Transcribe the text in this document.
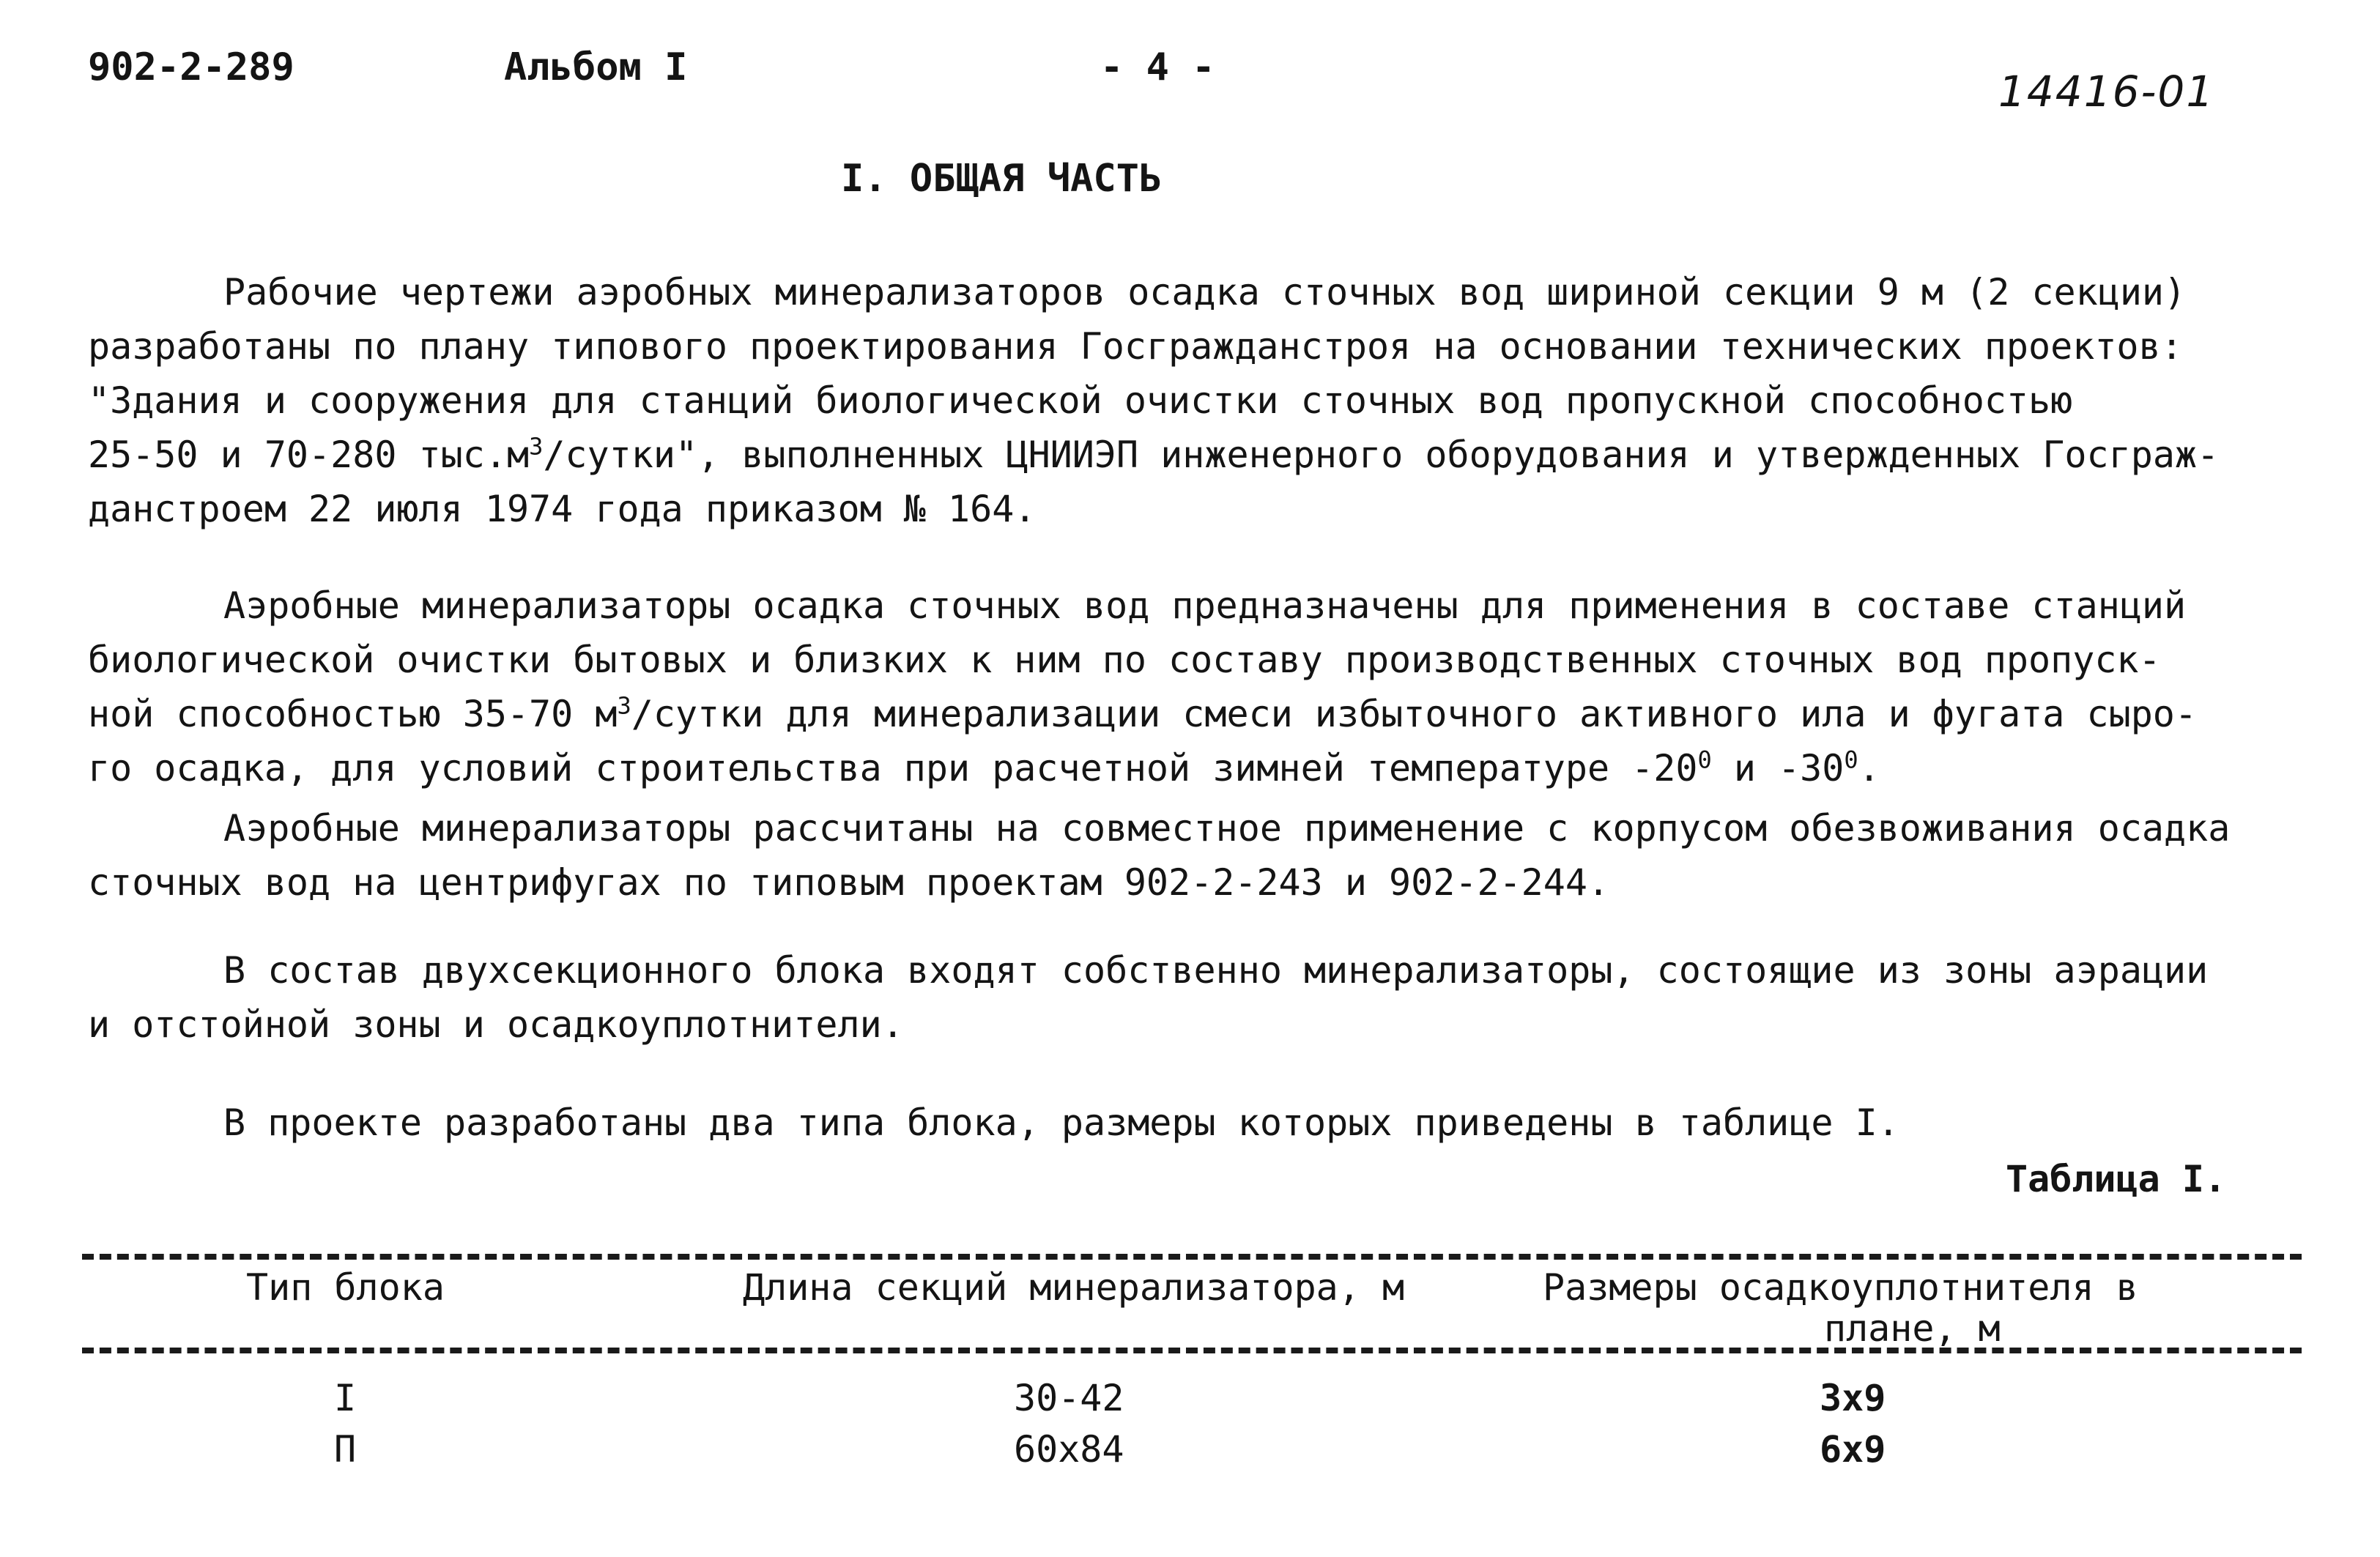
902-2-289	Альбом I	- 4 -	14416-01
I. ОБЩАЯ ЧАСТЬ
Рабочие чертежи аэробных минерализаторов осадка сточных вод шириной секции 9 м (2 секции)
разработаны по плану типового проектирования Госгражданстроя на основании технических проектов:
"Здания и сооружения для станций биологической очистки сточных вод пропускной способностью
25-50 и 70-280 $тыс.м^3$/сутки", выполненных ЦНИИЭП инженерного оборудования и утвержденных Госграж-
данстроем 22 июля 1974 года приказом № 164.
Аэробные минерализаторы осадка сточных вод предназначены для применения в составе станций
биологической очистки бытовых и близких к ним по составу производственных сточных вод пропуск-
ной способностью 35-70 $м^3$/сутки для минерализации смеси избыточного активного ила и фугата сыро-
го осадка, для условий строительства при расчетной зимней температуре $-20^0$ и $-30^0$.
Аэробные минерализаторы рассчитаны на совместное применение с корпусом обезвоживания осадка
сточных вод на центрифугах по типовым проектам 902-2-243 и 902-2-244.
В состав двухсекционного блока входят собственно минерализаторы, состоящие из зоны аэрации
и отстойной зоны и осадкоуплотнители.
В проекте разработаны два типа блока, размеры которых приведены в таблице I.
Таблица I.
Тип блока	Длина секций минерализатора, м	Размеры осадкоуплотнителя в
плане, м
I	30-42	3x9
П	60x84	6x9
